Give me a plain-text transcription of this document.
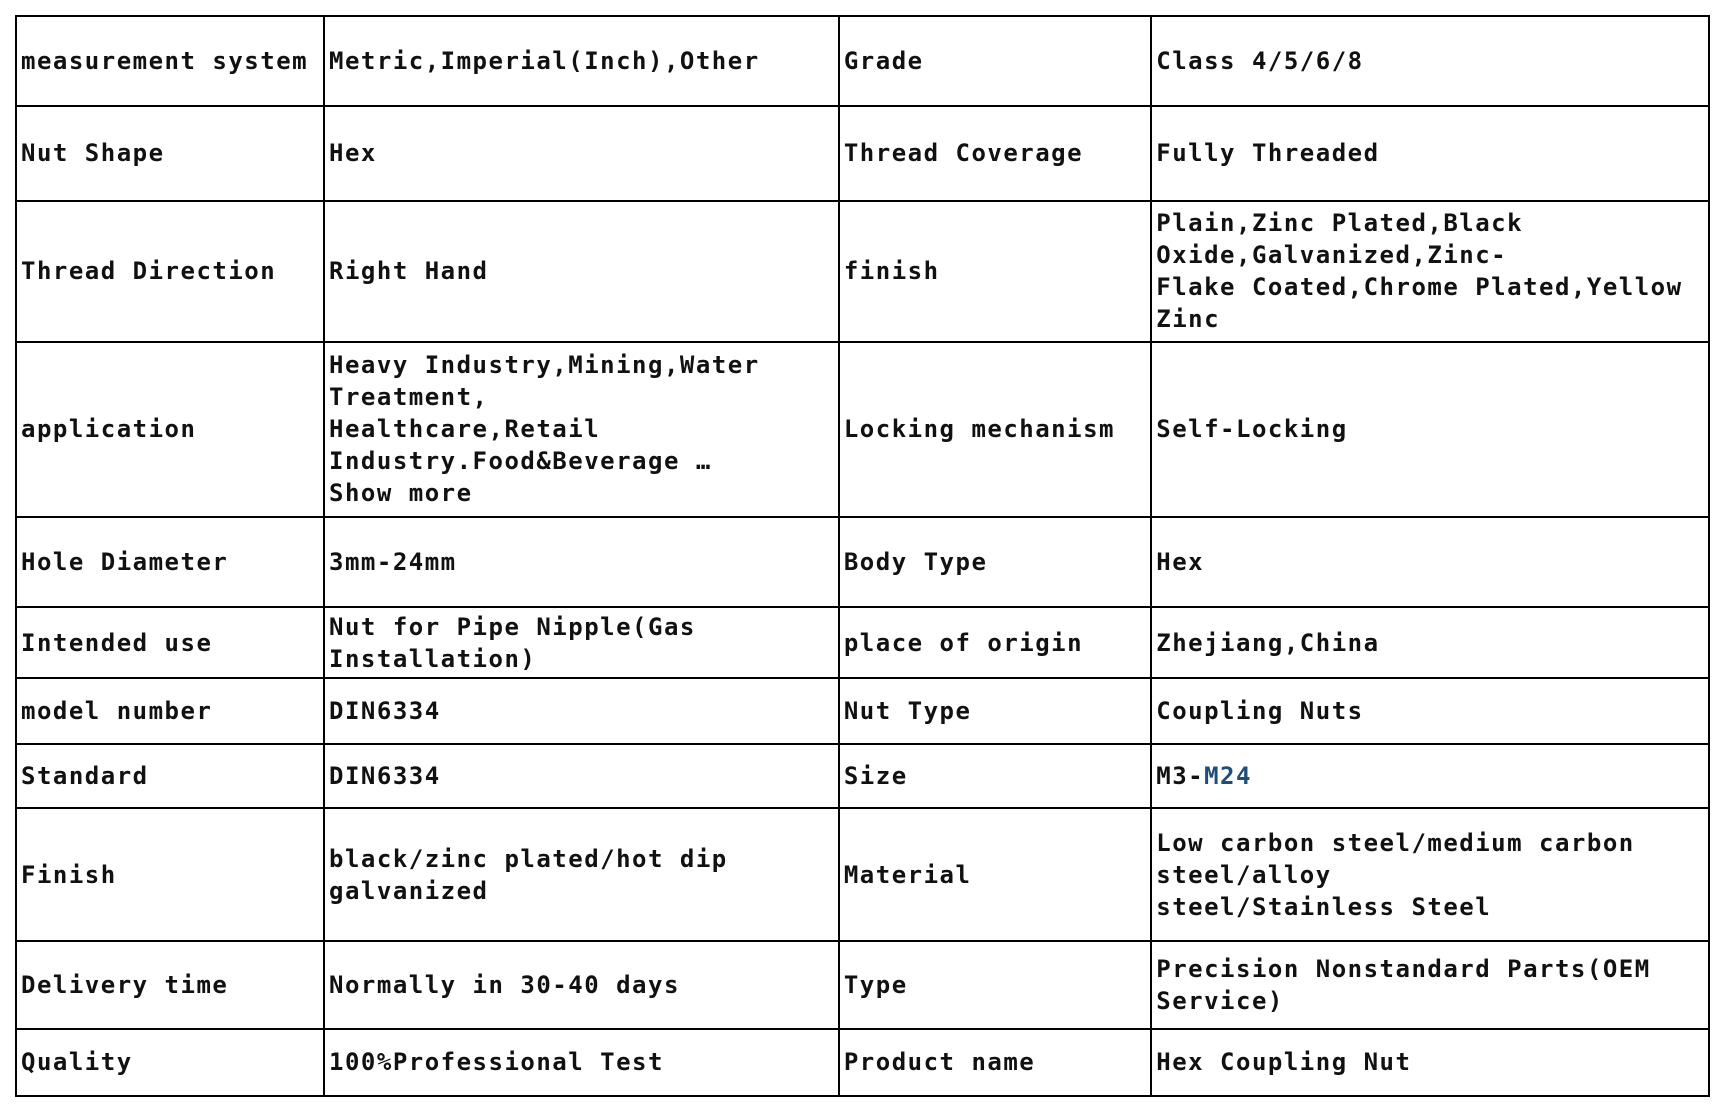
measurement system	Metric,Imperial(Inch),Other	Grade	Class 4/5/6/8
Nut Shape	Hex	Thread Coverage	Fully Threaded
Thread Direction	Right Hand	finish	Plain,Zinc Plated,Black
Oxide,Galvanized,Zinc-
Flake Coated,Chrome Plated,Yellow
Zinc
application	Heavy Industry,Mining,Water
Treatment,
Healthcare,Retail
Industry.Food&Beverage …
Show more	Locking mechanism	Self-Locking
Hole Diameter	3mm-24mm	Body Type	Hex
Intended use	Nut for Pipe Nipple(Gas
Installation)	place of origin	Zhejiang,China
model number	DIN6334	Nut Type	Coupling Nuts
Standard	DIN6334	Size	M3-M24
Finish	black/zinc plated/hot dip
galvanized	Material	Low carbon steel/medium carbon
steel/alloy
steel/Stainless Steel
Delivery time	Normally in 30-40 days	Type	Precision Nonstandard Parts(OEM
Service)
Quality	100%Professional Test	Product name	Hex Coupling Nut
